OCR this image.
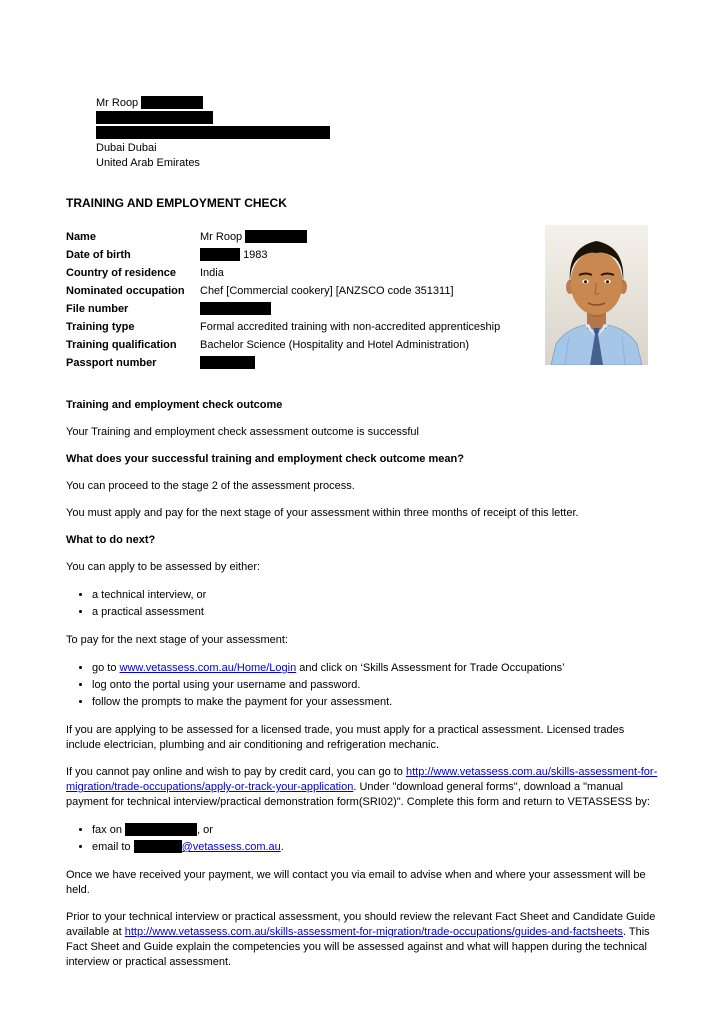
Mr Roop
Dubai Dubai
United Arab Emirates
TRAINING AND EMPLOYMENT CHECK
Name	Mr Roop
Date of birth	1983
Country of residence	India
Nominated occupation	Chef [Commercial cookery] [ANZSCO code 351311]
File number
Training type	Formal accredited training with non-accredited apprenticeship
Training qualification	Bachelor Science (Hospitality and Hotel Administration)
Passport number

Training and employment check outcome

Your Training and employment check assessment outcome is successful

What does your successful training and employment check outcome mean?

You can proceed to the stage 2 of the assessment process.

You must apply and pay for the next stage of your assessment within three months of receipt of this letter.

What to do next?

You can apply to be assessed by either:

• a technical interview, or
• a practical assessment

To pay for the next stage of your assessment:

• go to www.vetassess.com.au/Home/Login and click on ‘Skills Assessment for Trade Occupations’
• log onto the portal using your username and password.
• follow the prompts to make the payment for your assessment.

If you are applying to be assessed for a licensed trade, you must apply for a practical assessment. Licensed trades include electrician, plumbing and air conditioning and refrigeration mechanic.

If you cannot pay online and wish to pay by credit card, you can go to http://www.vetassess.com.au/skills-assessment-for-migration/trade-occupations/apply-or-track-your-application. Under "download general forms", download a "manual payment for technical interview/practical demonstration form(SRI02)". Complete this form and return to VETASSESS by:

• fax on	, or
• email to	@vetassess.com.au.

Once we have received your payment, we will contact you via email to advise when and where your assessment will be held.

Prior to your technical interview or practical assessment, you should review the relevant Fact Sheet and Candidate Guide available at http://www.vetassess.com.au/skills-assessment-for-migration/trade-occupations/guides-and-factsheets. This Fact Sheet and Guide explain the competencies you will be assessed against and what will happen during the technical interview or practical assessment.
